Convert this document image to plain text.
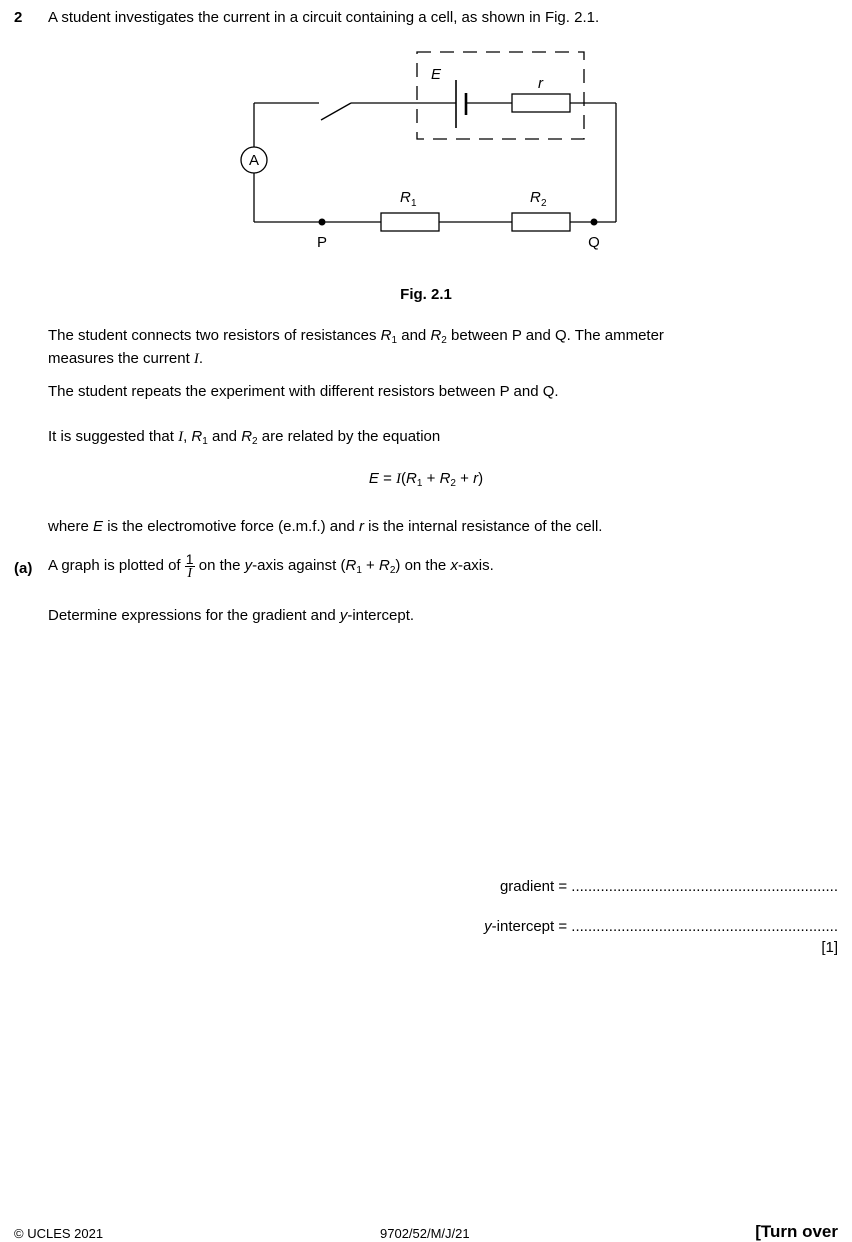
2 A student investigates the current in a circuit containing a cell, as shown in Fig. 2.1.
E
r
A
R 1	R 2
P	Q
Fig. 2.1
The student connects two resistors of resistances $R_1$ and $R_2$ between P and Q. The ammeter
measures the current I.
The student repeats the experiment with different resistors between P and Q.
It is suggested that I, $R_1$ and $R_2$ are related by the equation
$E = I(R_1 + R_2 + r)$
where E is the electromotive force (e.m.f.) and r is the internal resistance of the cell.
(a) A graph is plotted of $\frac{1}{I}$ on the y-axis against $(R_1 + R_2)$ on the x-axis.
Determine expressions for the gradient and y-intercept.
gradient = ................................................................
y-intercept = ................................................................
[1]
© UCLES 2021	9702/52/M/J/21	[Turn over
